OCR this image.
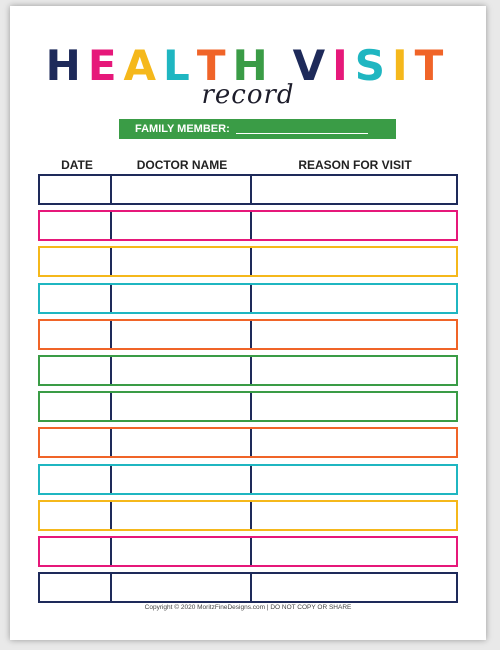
HEALTH VISIT
record
FAMILY MEMBER:
DATE	DOCTOR NAME	REASON FOR VISIT
Copyright © 2020 MoritzFineDesigns.com | DO NOT COPY OR SHARE
